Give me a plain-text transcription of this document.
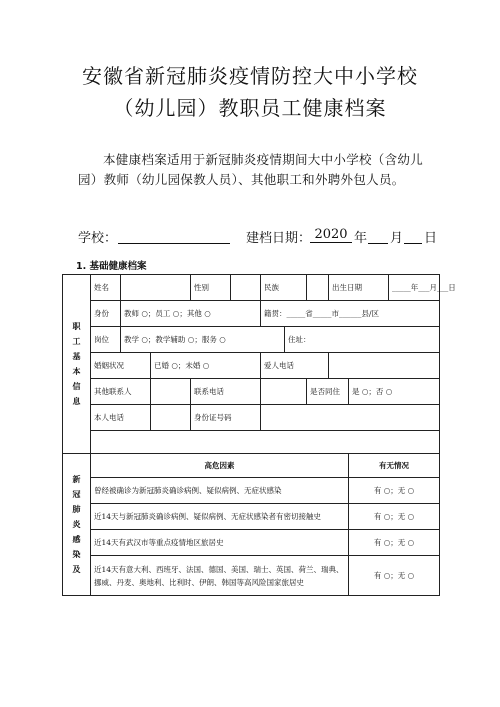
安徽省新冠肺炎疫情防控大中小学校
（幼儿园）教职员工健康档案
本健康档案适用于新冠肺炎疫情期间大中小学校（含幼儿园）教师（幼儿园保教人员）、其他职工和外聘外包人员。
学校：	建档日期： 2020 年 月 日
1. 基础健康档案
职工基本信息	姓名			性别		民族			出生日期		_____年___月___日
	身份	教师 ○；员工 ○；其他 ○				籍贯：_____省_____市______县/区					
	岗位	教学 ○；教学辅助 ○；服务 ○					住址：				
	婚姻状况		已婚 ○；未婚 ○			爱人电话					
	其他联系人			联系电话				是否同住		是 ○；否 ○	
	本人电话			身份证号码							

新冠肺炎感染及	高危因素									有无情况	
	曾经被确诊为新冠肺炎确诊病例、疑似病例、无症状感染									有 ○；无 ○	
	近14天与新冠肺炎确诊病例、疑似病例、无症状感染者有密切接触史									有 ○；无 ○	
	近14天有武汉市等重点疫情地区旅居史									有 ○；无 ○	
	近14天有意大利、西班牙、法国、德国、美国、瑞士、英国、荷兰、瑞典、挪威、丹麦、奥地利、比利时、伊朗、韩国等高风险国家旅居史									有 ○；无 ○	
